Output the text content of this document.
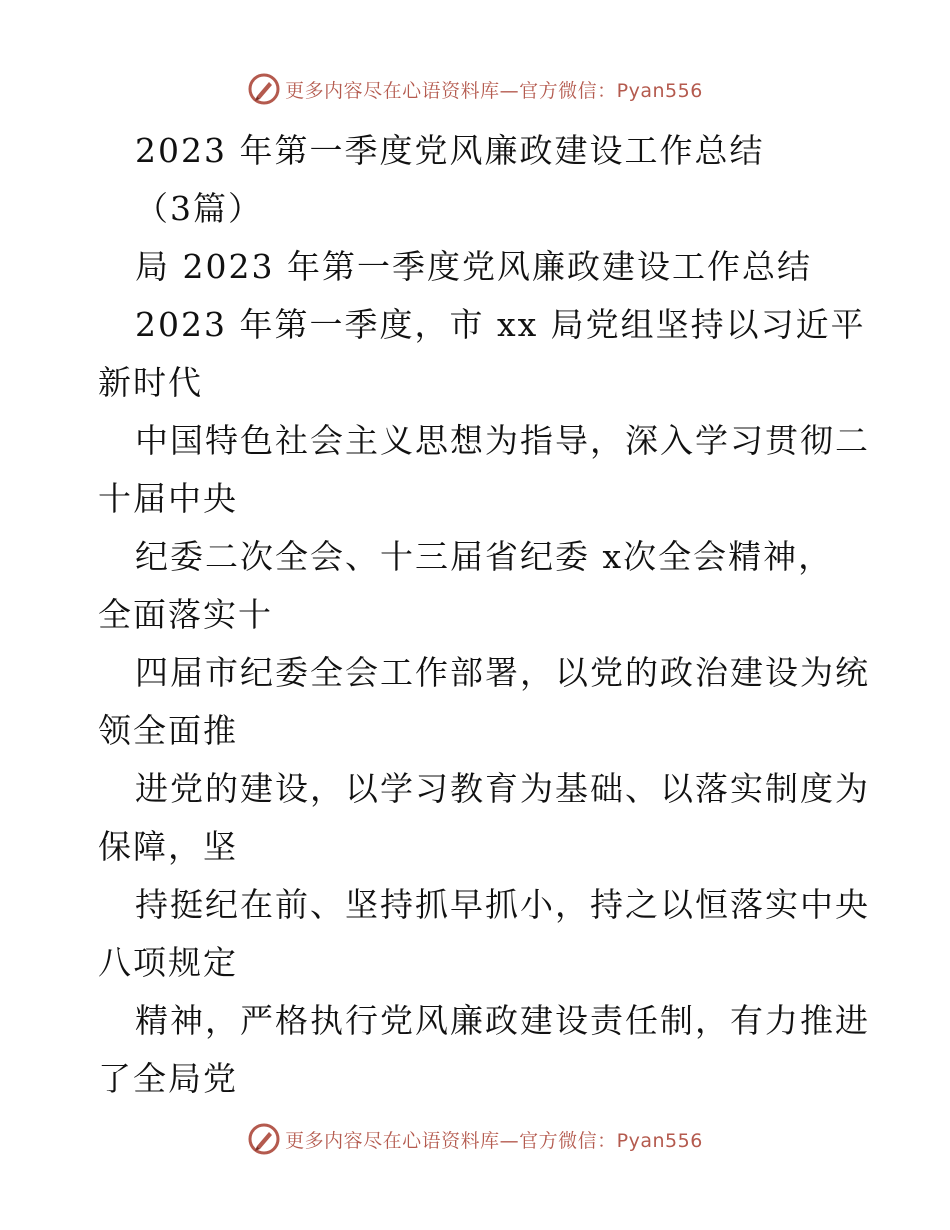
更多内容尽在心语资料库—官方微信：Pyan556
2023 年第一季度党风廉政建设工作总结
（3篇）
局 2023 年第一季度党风廉政建设工作总结
2023 年第一季度，市 xx 局党组坚持以习近平
新时代
中国特色社会主义思想为指导，深入学习贯彻二
十届中央
纪委二次全会、十三届省纪委 x次全会精神，
全面落实十
四届市纪委全会工作部署，以党的政治建设为统
领全面推
进党的建设，以学习教育为基础、以落实制度为
保障，坚
持挺纪在前、坚持抓早抓小，持之以恒落实中央
八项规定
精神，严格执行党风廉政建设责任制，有力推进
了全局党
更多内容尽在心语资料库—官方微信：Pyan556
